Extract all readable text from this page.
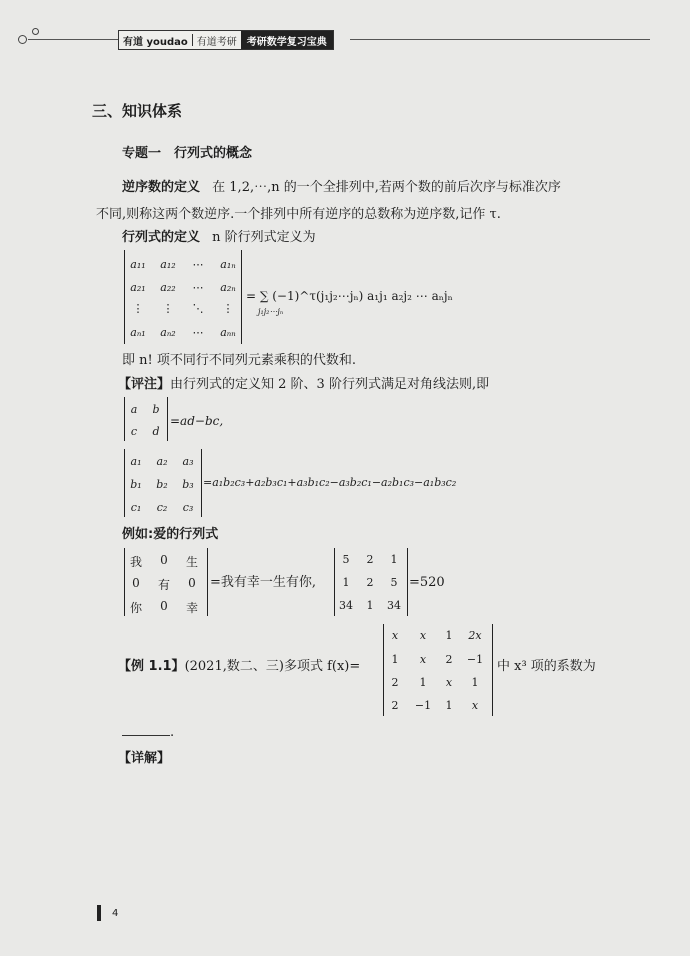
有道 youdao 有道考研	考研数学复习宝典
三、知识体系
专题一　行列式的概念
逆序数的定义 在 1,2,⋯,n 的一个全排列中,若两个数的前后次序与标准次序
不同,则称这两个数逆序.一个排列中所有逆序的总数称为逆序数,记作 τ.
行列式的定义 n 阶行列式定义为
a₁₁	a₁₂	⋯	a₁ₙ
a₂₁	a₂₂	⋯	a₂ₙ
⋮	⋮	⋱	⋮
aₙ₁ aₙ₂	⋯	aₙₙ
= ∑ (−1)^τ(j₁j₂⋯jₙ) a₁j₁ a₂j₂ ⋯ aₙjₙ
j₁j₂⋯jₙ
即 n! 项不同行不同列元素乘积的代数和.
【评注】由行列式的定义知 2 阶、3 阶行列式满足对角线法则,即
a	b
c	d
=ad−bc,
a₁	a₂	a₃
b₁	b₂	b₃
c₁	c₂	c₃
=a₁b₂c₃+a₂b₃c₁+a₃b₁c₂−a₃b₂c₁−a₂b₁c₃−a₁b₃c₂
例如:爱的行列式
我	0	生
0	有	0
你	0	幸
=我有幸一生有你,
5	2	1
1	2	5
34	1	34
=520
【例 1.1】(2021,数二、三)多项式 f(x)=
x	x	1	2x
1	x	2	−1
2	1	x	1
2	−1	1	x
中 x³ 项的系数为
.
【详解】
4
